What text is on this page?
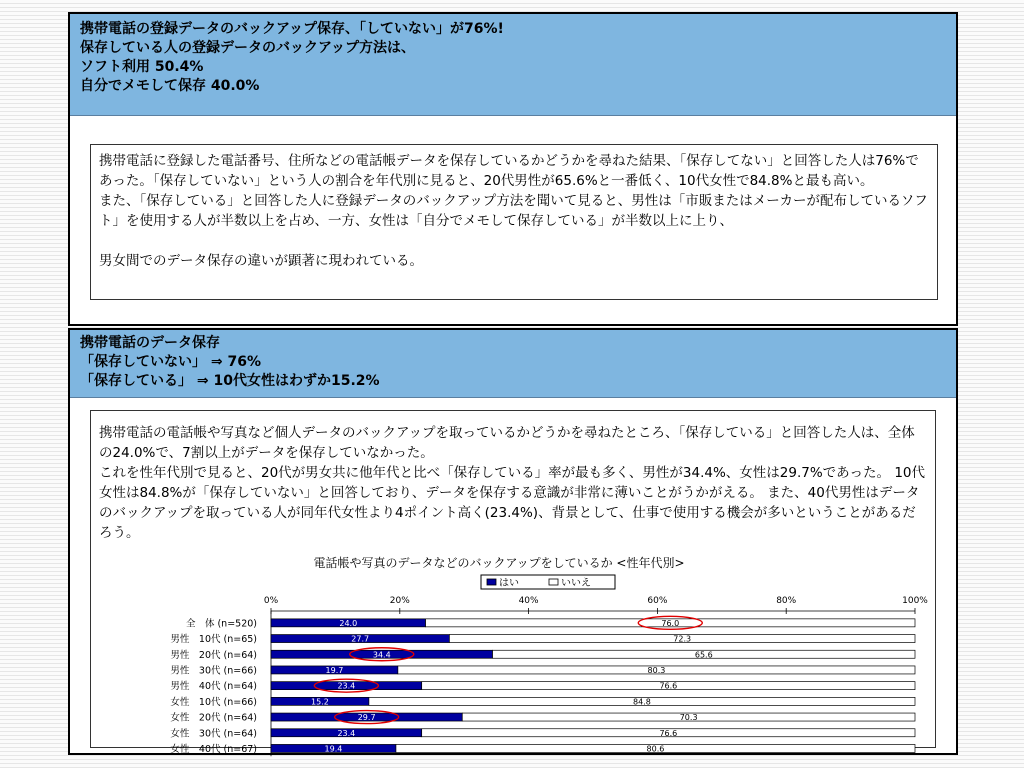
携帯電話の登録データのバックアップ保存、「していない」が76%!
保存している人の登録データのバックアップ方法は、
ソフト利用 50.4%
自分でメモして保存 40.0%

携帯電話に登録した電話番号、住所などの電話帳データを保存しているかどうかを尋ねた結果、「保存してない」と回答した人は76%であった。「保存していない」という人の割合を年代別に見ると、20代男性が65.6%と一番低く、10代女性で84.8%と最も高い。

また、「保存している」と回答した人に登録データのバックアップ方法を聞いて見ると、男性は「市販またはメーカーが配布しているソフト」を使用する人が半数以上を占め、一方、女性は「自分でメモして保存している」が半数以上に上り、

男女間でのデータ保存の違いが顕著に現われている。

携帯電話のデータ保存
「保存していない」 ⇒ 76%
「保存している」 ⇒ 10代女性はわずか15.2%

携帯電話の電話帳や写真など個人データのバックアップを取っているかどうかを尋ねたところ、「保存している」と回答した人は、全体の24.0%で、7割以上がデータを保存していなかった。

これを性年代別で見ると、20代が男女共に他年代と比べ「保存している」率が最も多く、男性が34.4%、女性は29.7%であった。 10代女性は84.8%が「保存していない」と回答しており、データを保存する意識が非常に薄いことがうかがえる。 また、40代男性はデータのバックアップを取っている人が同年代女性より4ポイント高く(23.4%)、背景として、仕事で使用する機会が多いということがあるだろう。

電話帳や写真のデータなどのバックアップをしているか <性年代別>
はい	いいえ
0%	20%	40%	60%	80%	100%
全　体 (n=520)	24.0	76.0
男性　10代 (n=65)	27.7	72.3
男性　20代 (n=64)	34.4	65.6
男性　30代 (n=66)	19.7	80.3
男性　40代 (n=64)	23.4	76.6
女性　10代 (n=66)	15.2	84.8
女性　20代 (n=64)	29.7	70.3
女性　30代 (n=64)	23.4	76.6
女性　40代 (n=67)	19.4	80.6
